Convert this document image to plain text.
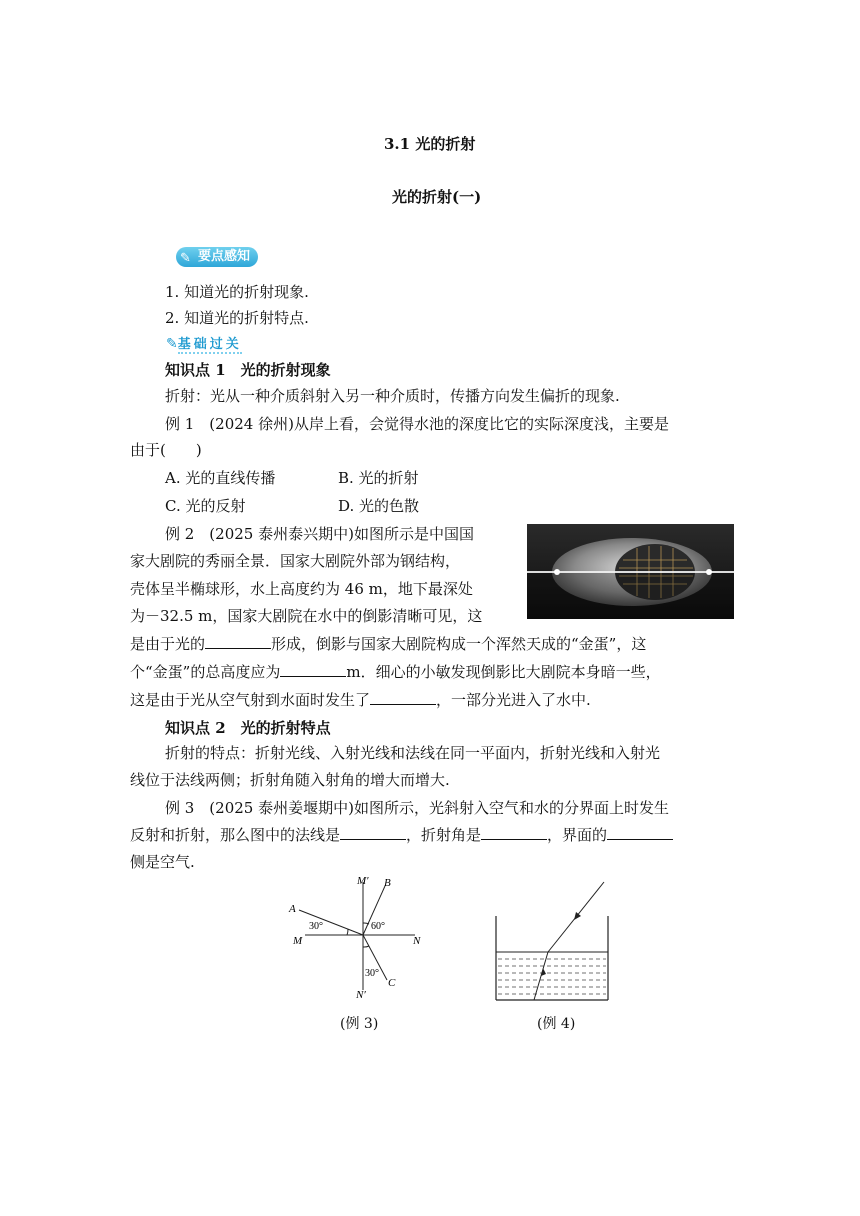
3.1 光的折射
光的折射(一)
✎ 要点感知
1. 知道光的折射现象.
2. 知道光的折射特点.
✎基础过关
知识点 1　光的折射现象
折射：光从一种介质斜射入另一种介质时，传播方向发生偏折的现象.
例 1　(2024 徐州)从岸上看，会觉得水池的深度比它的实际深度浅，主要是
由于(　　)
A. 光的直线传播	B. 光的折射
C. 光的反射	D. 光的色散
例 2　(2025 泰州泰兴期中)如图所示是中国国
家大剧院的秀丽全景．国家大剧院外部为钢结构，
壳体呈半椭球形，水上高度约为 46 m，地下最深处
为－32.5 m，国家大剧院在水中的倒影清晰可见，这
是由于光的	形成，倒影与国家大剧院构成一个浑然天成的“金蛋”，这
个“金蛋”的总高度应为	m．细心的小敏发现倒影比大剧院本身暗一些，
这是由于光从空气射到水面时发生了	，一部分光进入了水中.
知识点 2　光的折射特点
折射的特点：折射光线、入射光线和法线在同一平面内，折射光线和入射光
线位于法线两侧；折射角随入射角的增大而增大.
例 3　(2025 泰州姜堰期中)如图所示，光斜射入空气和水的分界面上时发生
反射和折射，那么图中的法线是	，折射角是	，界面的
侧是空气.
M′ B
A
30°	60°
M	N
30°
C
N′
(例 3)	(例 4)
